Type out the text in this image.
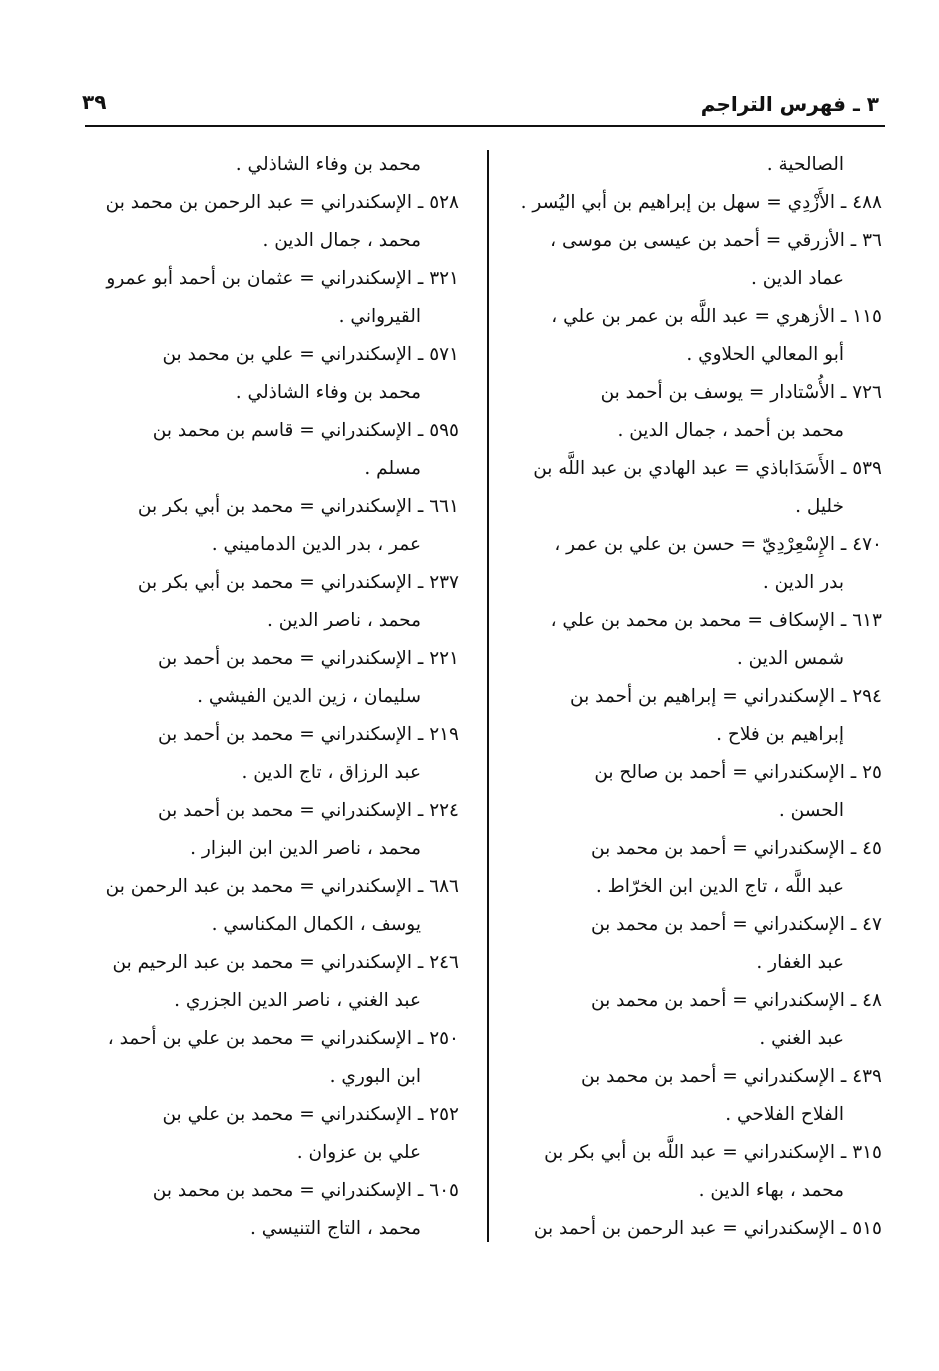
٣ ـ فهرس التراجم
٣٩
الصالحية .
٤٨٨ ـ الأَزْدِي = سهل بن إبراهيم بن أبي اليُسر .
٣٦ ـ الأزرقي = أحمد بن عيسى بن موسى ،
عماد الدين .
١١٥ ـ الأزهري = عبد اللَّه بن عمر بن علي ،
أبو المعالي الحلاوي .
٧٢٦ ـ الأُسْتادار = يوسف بن أحمد بن
محمد بن أحمد ، جمال الدين .
٥٣٩ ـ الأَسَدَاباذي = عبد الهادي بن عبد اللَّه بن
خليل .
٤٧٠ ـ الإِسْعِرْدِيّ = حسن بن علي بن عمر ،
بدر الدين .
٦١٣ ـ الإسكاف = محمد بن محمد بن علي ،
شمس الدين .
٢٩٤ ـ الإسكندراني = إبراهيم بن أحمد بن
إبراهيم بن فلاح .
٢٥ ـ الإسكندراني = أحمد بن صالح بن
الحسن .
٤٥ ـ الإسكندراني = أحمد بن محمد بن
عبد اللَّه ، تاج الدين ابن الخرّاط .
٤٧ ـ الإسكندراني = أحمد بن محمد بن
عبد الغفار .
٤٨ ـ الإسكندراني = أحمد بن محمد بن
عبد الغني .
٤٣٩ ـ الإسكندراني = أحمد بن محمد بن
الفلاح الفلاحي .
٣١٥ ـ الإسكندراني = عبد اللَّه بن أبي بكر بن
محمد ، بهاء الدين .
٥١٥ ـ الإسكندراني = عبد الرحمن بن أحمد بن
محمد بن وفاء الشاذلي .
٥٢٨ ـ الإسكندراني = عبد الرحمن بن محمد بن
محمد ، جمال الدين .
٣٢١ ـ الإسكندراني = عثمان بن أحمد أبو عمرو
القيرواني .
٥٧١ ـ الإسكندراني = علي بن محمد بن
محمد بن وفاء الشاذلي .
٥٩٥ ـ الإسكندراني = قاسم بن محمد بن
مسلم .
٦٦١ ـ الإسكندراني = محمد بن أبي بكر بن
عمر ، بدر الدين الدماميني .
٢٣٧ ـ الإسكندراني = محمد بن أبي بكر بن
محمد ، ناصر الدين .
٢٢١ ـ الإسكندراني = محمد بن أحمد بن
سليمان ، زين الدين الفيشي .
٢١٩ ـ الإسكندراني = محمد بن أحمد بن
عبد الرزاق ، تاج الدين .
٢٢٤ ـ الإسكندراني = محمد بن أحمد بن
محمد ، ناصر الدين ابن البزار .
٦٨٦ ـ الإسكندراني = محمد بن عبد الرحمن بن
يوسف ، الكمال المكناسي .
٢٤٦ ـ الإسكندراني = محمد بن عبد الرحيم بن
عبد الغني ، ناصر الدين الجزري .
٢٥٠ ـ الإسكندراني = محمد بن علي بن أحمد ،
ابن البوري .
٢٥٢ ـ الإسكندراني = محمد بن علي بن
علي بن عزوان .
٦٠٥ ـ الإسكندراني = محمد بن محمد بن
محمد ، التاج التنيسي .
